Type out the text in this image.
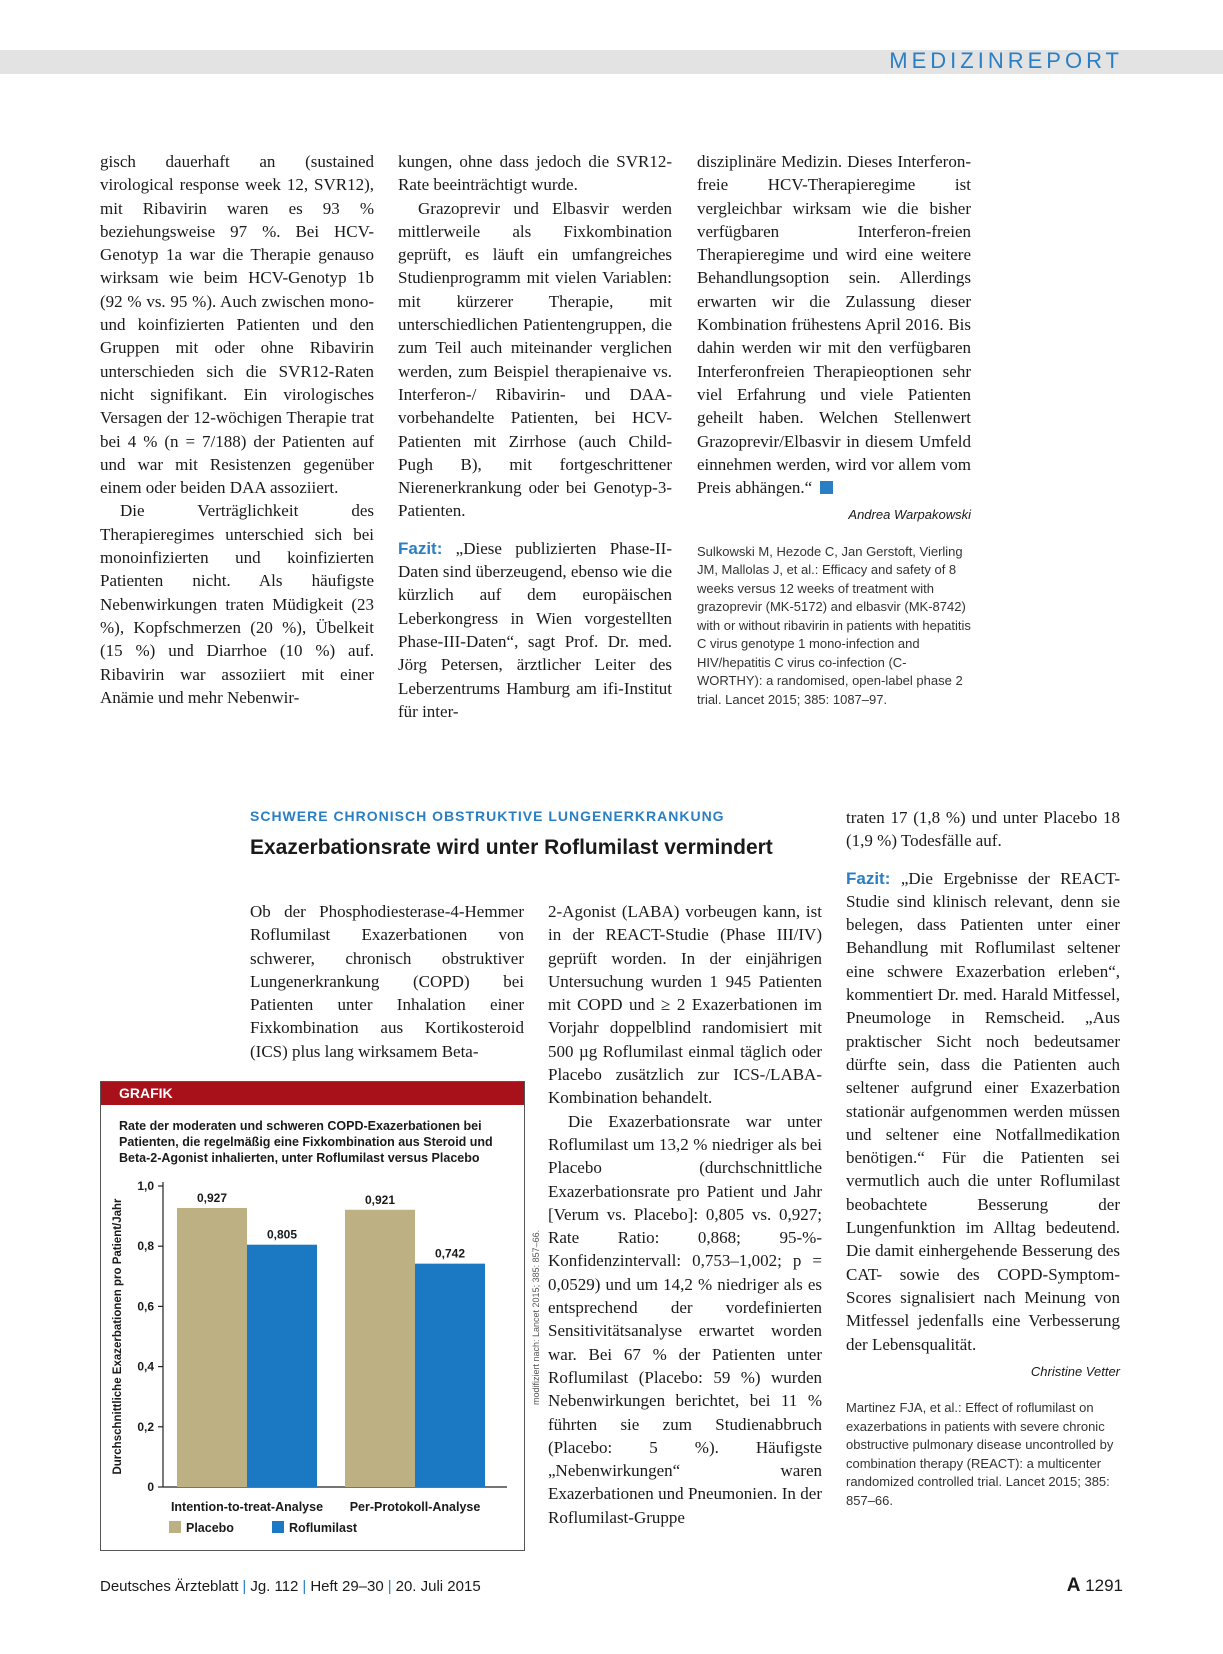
MEDIZINREPORT

gisch dauerhaft an (sustained virological response week 12, SVR12), mit Ribavirin waren es 93 % beziehungsweise 97 %. Bei HCV-Genotyp 1a war die Therapie genauso wirksam wie beim HCV-Genotyp 1b (92 % vs. 95 %). Auch zwischen mono- und koinfizierten Patienten und den Gruppen mit oder ohne Ribavirin unterschieden sich die SVR12-Raten nicht signifikant. Ein virologisches Versagen der 12-wöchigen Therapie trat bei 4 % (n = 7/188) der Patienten auf und war mit Resistenzen gegenüber einem oder beiden DAA assoziiert.

Die Verträglichkeit des Therapieregimes unterschied sich bei monoinfizierten und koinfizierten Patienten nicht. Als häufigste Nebenwirkungen traten Müdigkeit (23 %), Kopfschmerzen (20 %), Übelkeit (15 %) und Diarrhoe (10 %) auf. Ribavirin war assoziiert mit einer Anämie und mehr Nebenwir-

kungen, ohne dass jedoch die SVR12-Rate beeinträchtigt wurde.

Grazoprevir und Elbasvir werden mittlerweile als Fixkombination geprüft, es läuft ein umfangreiches Studienprogramm mit vielen Variablen: mit kürzerer Therapie, mit unterschiedlichen Patientengruppen, die zum Teil auch miteinander verglichen werden, zum Beispiel therapienaive vs. Interferon-/ Ribavirin- und DAA-vorbehandelte Patienten, bei HCV-Patienten mit Zirrhose (auch Child-Pugh B), mit fortgeschrittener Nierenerkrankung oder bei Genotyp-3-Patienten.

Fazit: „Diese publizierten Phase-II-Daten sind überzeugend, ebenso wie die kürzlich auf dem europäischen Leberkongress in Wien vorgestellten Phase-III-Daten“, sagt Prof. Dr. med. Jörg Petersen, ärztlicher Leiter des Leberzentrums Hamburg am ifi-Institut für inter-

disziplinäre Medizin. Dieses Interferon-freie HCV-Therapieregime ist vergleichbar wirksam wie die bisher verfügbaren Interferon-freien Therapieregime und wird eine weitere Behandlungsoption sein. Allerdings erwarten wir die Zulassung dieser Kombination frühestens April 2016. Bis dahin werden wir mit den verfügbaren Interferonfreien Therapieoptionen sehr viel Erfahrung und viele Patienten geheilt haben. Welchen Stellenwert Grazoprevir/Elbasvir in diesem Umfeld einnehmen werden, wird vor allem vom Preis abhängen.“

Andrea Warpakowski
Sulkowski M, Hezode C, Jan Gerstoft, Vierling JM, Mallolas J, et al.: Efficacy and safety of 8 weeks versus 12 weeks of treatment with grazoprevir (MK-5172) and elbasvir (MK-8742) with or without ribavirin in patients with hepatitis C virus genotype 1 mono-infection and HIV/hepatitis C virus co-infection (C-WORTHY): a randomised, open-label phase 2 trial. Lancet 2015; 385: 1087–97.
SCHWERE CHRONISCH OBSTRUKTIVE LUNGENERKRANKUNG
Exazerbationsrate wird unter Roflumilast vermindert

Ob der Phosphodiesterase-4-Hemmer Roflumilast Exazerbationen von schwerer, chronisch obstruktiver Lungenerkrankung (COPD) bei Patienten unter Inhalation einer Fixkombination aus Kortikosteroid (ICS) plus lang wirksamem Beta-

2-Agonist (LABA) vorbeugen kann, ist in der REACT-Studie (Phase III/IV) geprüft worden. In der einjährigen Untersuchung wurden 1 945 Patienten mit COPD und ≥ 2 Exazerbationen im Vorjahr doppelblind randomisiert mit 500 µg Roflumilast einmal täglich oder Placebo zusätzlich zur ICS-/LABA-Kombination behandelt.

Die Exazerbationsrate war unter Roflumilast um 13,2 % niedriger als bei Placebo (durchschnittliche Exazerbationsrate pro Patient und Jahr [Verum vs. Placebo]: 0,805 vs. 0,927; Rate Ratio: 0,868; 95-%-Konfidenzintervall: 0,753–1,002; p = 0,0529) und um 14,2 % niedriger als es entsprechend der vordefinierten Sensitivitätsanalyse erwartet worden war. Bei 67 % der Patienten unter Roflumilast (Placebo: 59 %) wurden Nebenwirkungen berichtet, bei 11 % führten sie zum Studienabbruch (Placebo: 5 %). Häufigste „Nebenwirkungen“ waren Exazerbationen und Pneumonien. In der Roflumilast-Gruppe

traten 17 (1,8 %) und unter Placebo 18 (1,9 %) Todesfälle auf.

Fazit: „Die Ergebnisse der REACT-Studie sind klinisch relevant, denn sie belegen, dass Patienten unter einer Behandlung mit Roflumilast seltener eine schwere Exazerbation erleben“, kommentiert Dr. med. Harald Mitfessel, Pneumologe in Remscheid. „Aus praktischer Sicht noch bedeutsamer dürfte sein, dass die Patienten auch seltener aufgrund einer Exazerbation stationär aufgenommen werden müssen und seltener eine Notfallmedikation benötigen.“ Für die Patienten sei vermutlich auch die unter Roflumilast beobachtete Besserung der Lungenfunktion im Alltag bedeutend. Die damit einhergehende Besserung des CAT- sowie des COPD-Symptom-Scores signalisiert nach Meinung von Mitfessel jedenfalls eine Verbesserung der Lebensqualität.

Christine Vetter
Martinez FJA, et al.: Effect of roflumilast on exazerbations in patients with severe chronic obstructive pulmonary disease uncontrolled by combination therapy (REACT): a multicenter randomized controlled trial. Lancet 2015; 385: 857–66.
GRAFIK
Rate der moderaten und schweren COPD-Exazerbationen bei Patienten, die regelmäßig eine Fixkombination aus Steroid und Beta-2-Agonist inhalierten, unter Roflumilast versus Placebo
Durchschnittliche Exazerbationen pro Patient/Jahr
0
0,2
0,4
0,6
0,8
1,0
0,927
0,805
Intention-to-treat-Analyse
0,921
0,742
Per-Protokoll-Analyse
Placebo	Roflumilast
modifiziert nach: Lancet 2015; 385: 857–66.
Deutsches Ärzteblatt | Jg. 112 | Heft 29–30 | 20. Juli 2015	A 1291
